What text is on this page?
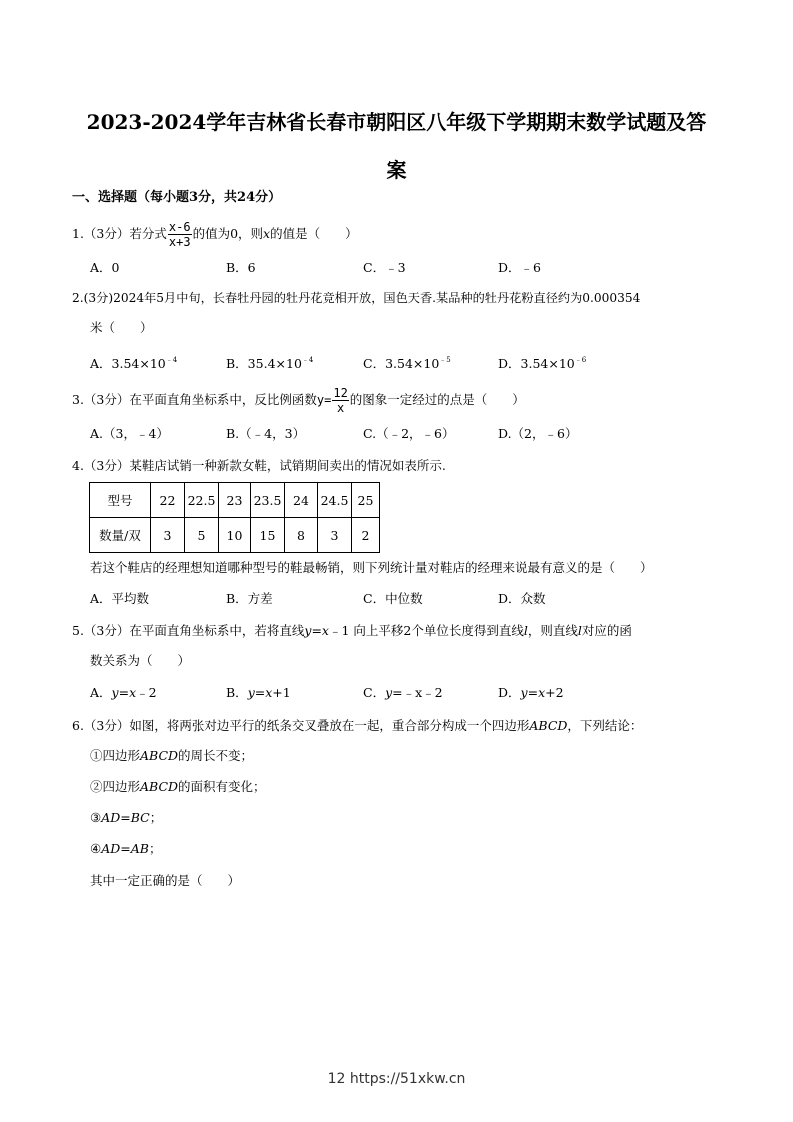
2023-2024学年吉林省长春市朝阳区八年级下学期期末数学试题及答
案
一、选择题（每小题3分，共24分）
1.（3分）若分式 $\frac{x-6}{x+3}$ 的值为0，则x的值是（　　）
A．0	B．6	C．﹣3	D．﹣6
2.(3分)2024年5月中旬，长春牡丹园的牡丹花竞相开放，国色天香.某品种的牡丹花粉直径约为0.000354
米（　　）
A．$3.54\times 10^{﹣4}$	B．$35.4\times 10^{﹣4}$	C．$3.54\times 10^{﹣5}$	D．$3.54\times 10^{﹣6}$
3.（3分）在平面直角坐标系中，反比例函数$y= \frac{12}{x}$ 的图象一定经过的点是（　　）
A.（3，﹣4）	B.（﹣4，3）	C.（﹣2，﹣6）	D.（2，﹣6）
4.（3分）某鞋店试销一种新款女鞋，试销期间卖出的情况如表所示.
型号	22	22.5	23	23.5	24	24.5	25
数量/双	3	5	10	15	8	3	2
若这个鞋店的经理想知道哪种型号的鞋最畅销，则下列统计量对鞋店的经理来说最有意义的是（　　）
A．平均数	B．方差	C．中位数	D．众数
5.（3分）在平面直角坐标系中，若将直线y=x﹣1 向上平移2个单位长度得到直线l，则直线l对应的函
数关系为（　　）
A．y=x﹣2	B．y=x+1	C．y=﹣x﹣2	D．y=x+2
6.（3分）如图，将两张对边平行的纸条交叉叠放在一起，重合部分构成一个四边形ABCD，下列结论：
①四边形ABCD的周长不变；
②四边形ABCD的面积有变化；
③AD=BC；
④AD=AB；
其中一定正确的是（　　）
12 https://51xkw.cn
